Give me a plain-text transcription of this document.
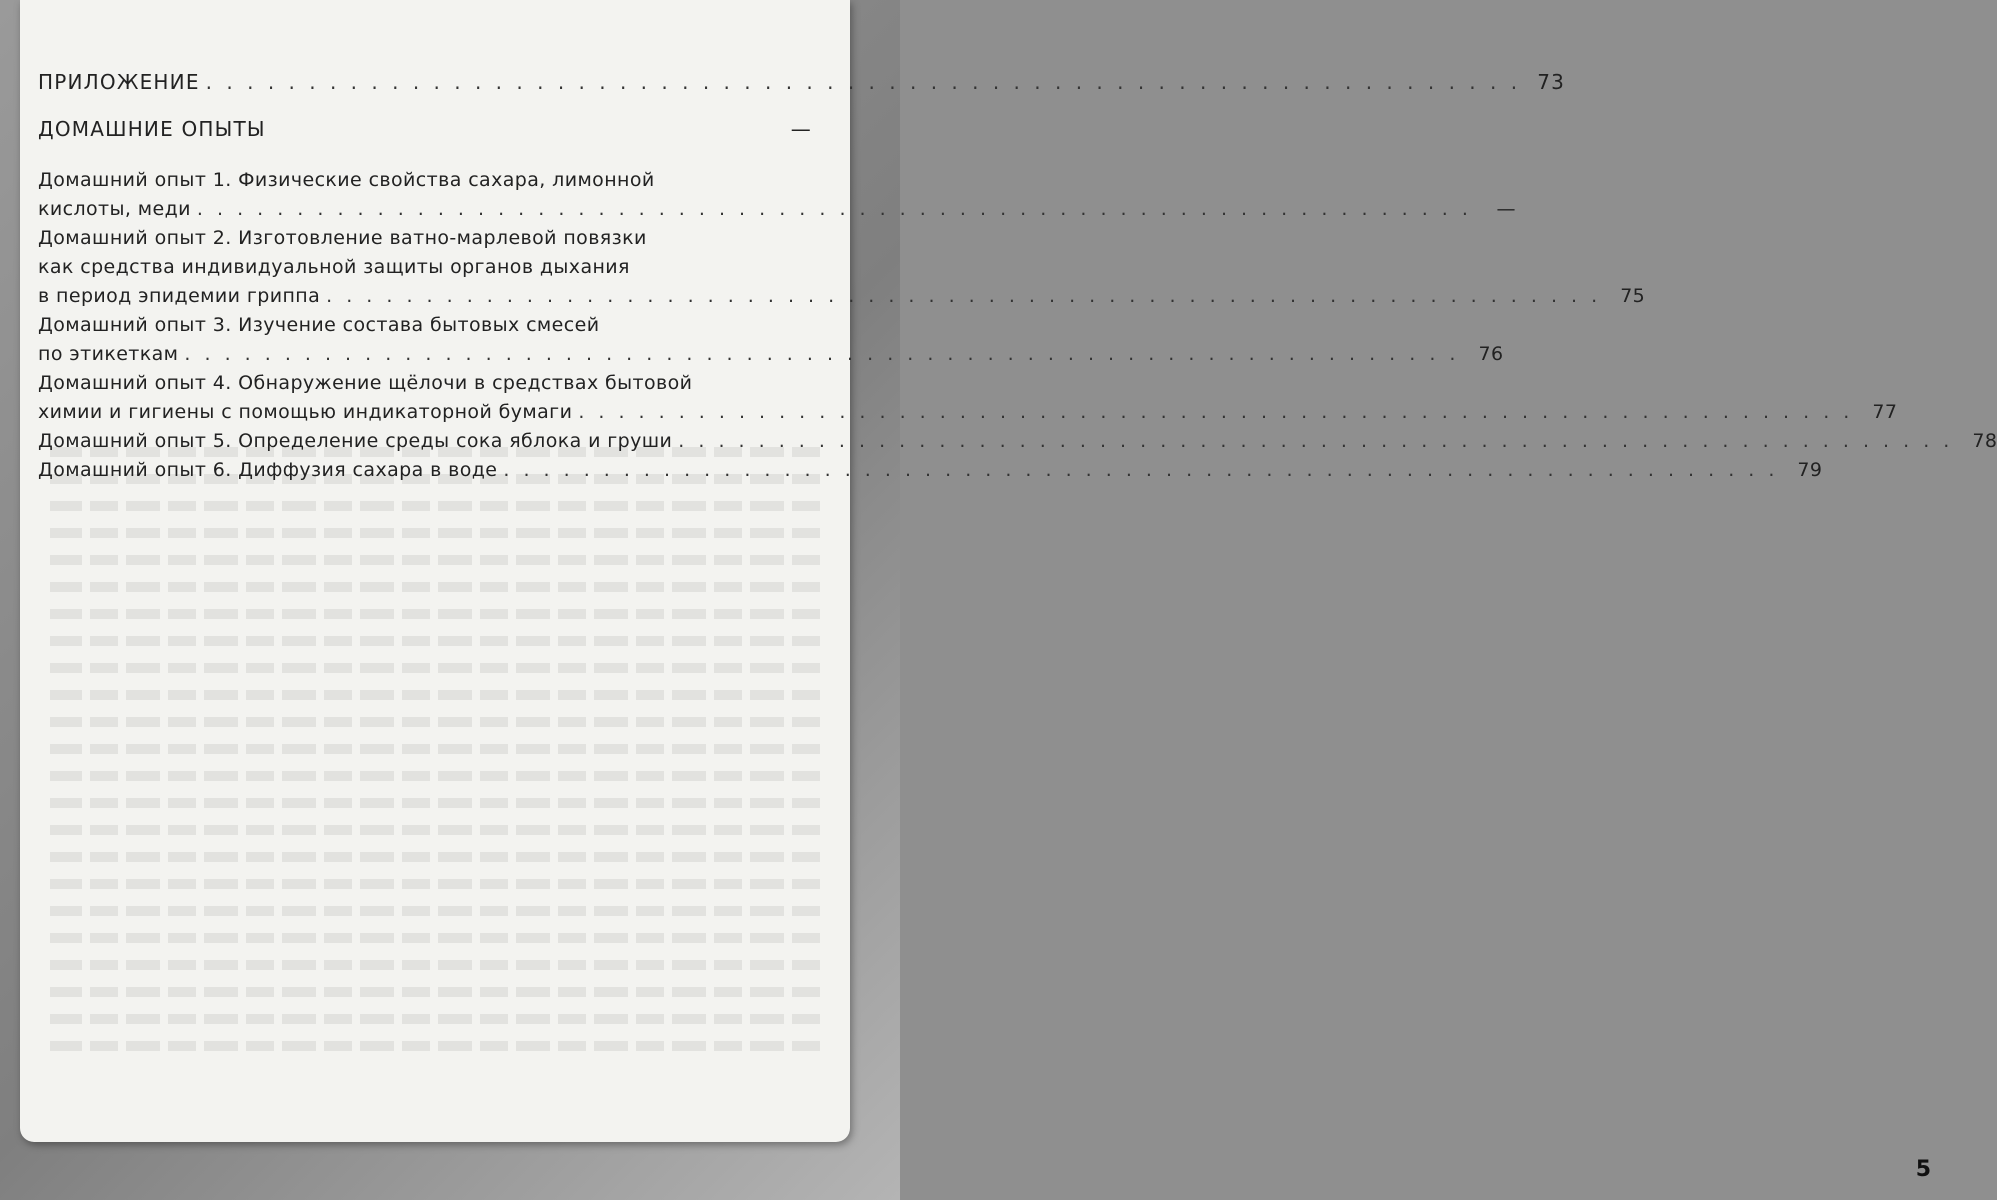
ПРИЛОЖЕНИЕ . . . . . . . . . . . . . . . . . . . . . . . . . . . . . . . . . . . . . . . . . . . . . . . . . . . . . . . . . . . . . . . . 73
ДОМАШНИЕ ОПЫТЫ	—
Домашний опыт 1. Физические свойства сахара, лимонной
кислоты, меди . . . . . . . . . . . . . . . . . . . . . . . . . . . . . . . . . . . . . . . . . . . . . . . . . . . . . . . . . . . . . . . .	—
Домашний опыт 2. Изготовление ватно-марлевой повязки
как средства индивидуальной защиты органов дыхания
в период эпидемии гриппа . . . . . . . . . . . . . . . . . . . . . . . . . . . . . . . . . . . . . . . . . . . . . . . . . . . . . . . . . . . . . . . .	75
Домашний опыт 3. Изучение состава бытовых смесей
по этикеткам . . . . . . . . . . . . . . . . . . . . . . . . . . . . . . . . . . . . . . . . . . . . . . . . . . . . . . . . . . . . . . . .	76
Домашний опыт 4. Обнаружение щёлочи в средствах бытовой
химии и гигиены с помощью индикаторной бумаги . . . . . . . . . . . . . . . . . . . . . . . . . . . . . . . . . . . . . . . . . . . . . . . . . . . . . . . . . . . . . . . .	77
Домашний опыт 5. Определение среды сока яблока и груши . . . . . . . . . . . . . . . . . . . . . . . . . . . . . . . . . . . . . . . . . . . . . . . . . . . . . . . . . . . . . . . .	78
Домашний опыт 6. Диффузия сахара в воде . . . . . . . . . . . . . . . . . . . . . . . . . . . . . . . . . . . . . . . . . . . . . . . . . . . . . . . . . . . . . . . .	79
5
